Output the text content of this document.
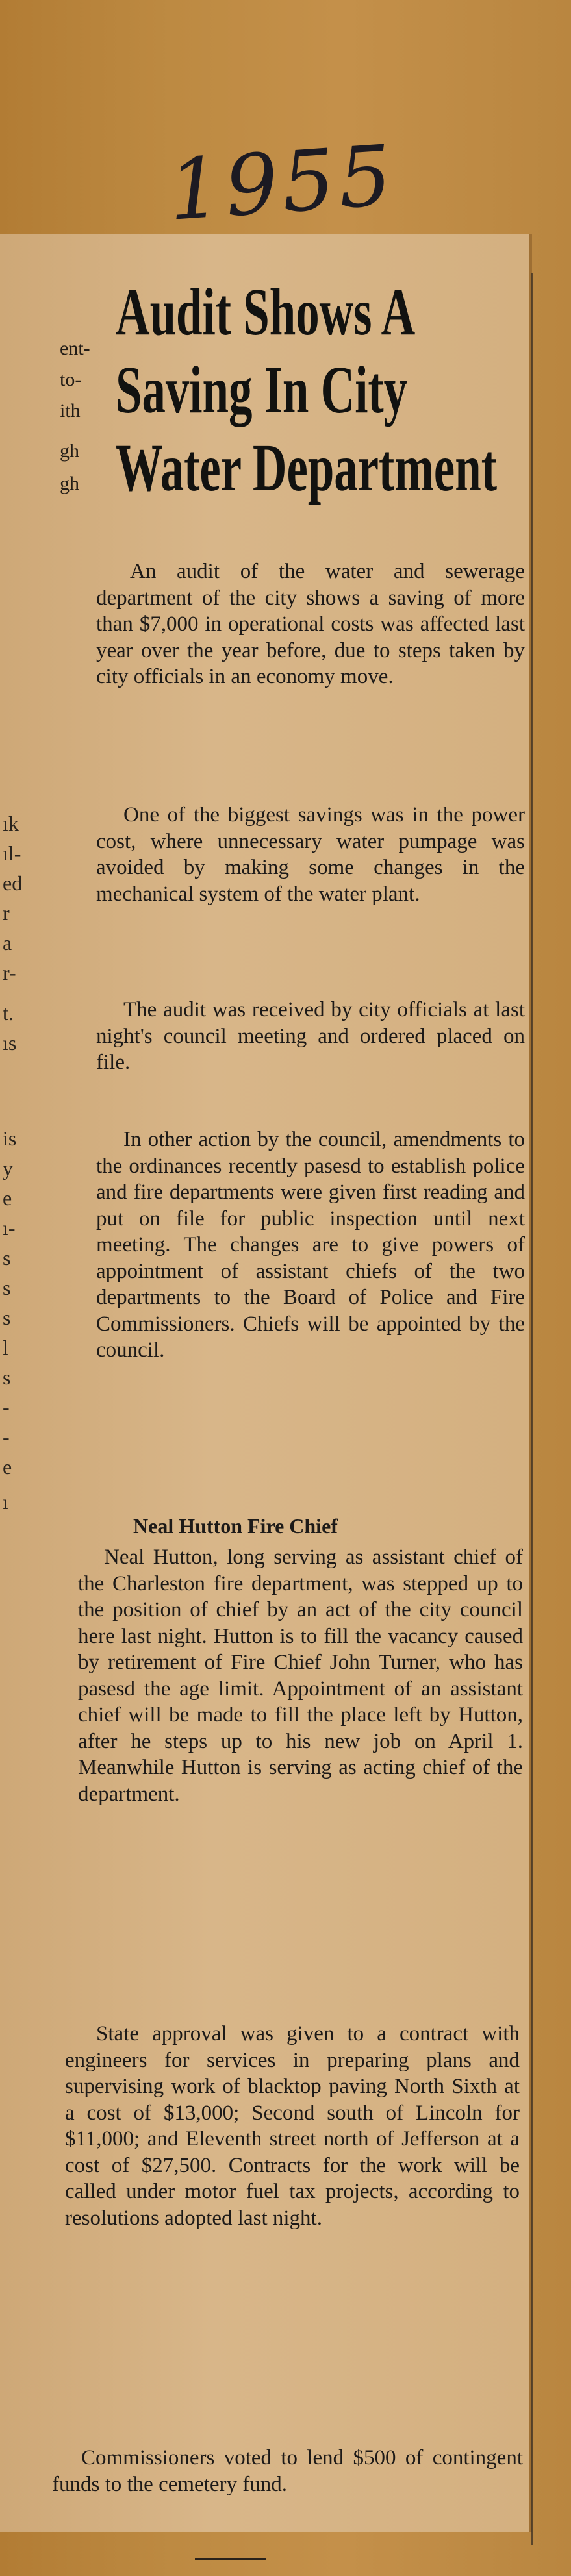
1955
ent-
to-
ith
gh
gh
ık
ıl-
ed
r
a
r-
t.
ıs
is
y
e
ı-
s
s
s
l
s
-
-
e
ı
Audit Shows A
Saving In City
Water Department

An audit of the water and sewerage department of the city shows a saving of more than $7,000 in operational costs was affected last year over the year before, due to steps taken by city officials in an economy move.

One of the biggest savings was in the power cost, where unnecessary water pumpage was avoided by making some changes in the mechanical system of the water plant.

The audit was received by city officials at last night's council meeting and ordered placed on file.

In other action by the council, amendments to the ordinances recently pasesd to establish police and fire departments were given first reading and put on file for public inspection until next meeting. The changes are to give powers of appointment of assistant chiefs of the two departments to the Board of Police and Fire Commissioners. Chiefs will be appointed by the council.

Neal Hutton Fire Chief

Neal Hutton, long serving as assistant chief of the Charleston fire department, was stepped up to the position of chief by an act of the city council here last night. Hutton is to fill the vacancy caused by retirement of Fire Chief John Turner, who has pasesd the age limit. Appointment of an assistant chief will be made to fill the place left by Hutton, after he steps up to his new job on April 1. Meanwhile Hutton is serving as acting chief of the department.

State approval was given to a contract with engineers for services in preparing plans and supervising work of blacktop paving North Sixth at a cost of $13,000; Second south of Lincoln for $11,000; and Eleventh street north of Jefferson at a cost of $27,500. Contracts for the work will be called under motor fuel tax projects, according to resolutions adopted last night.

Commissioners voted to lend $500 of contingent funds to the cemetery fund.
